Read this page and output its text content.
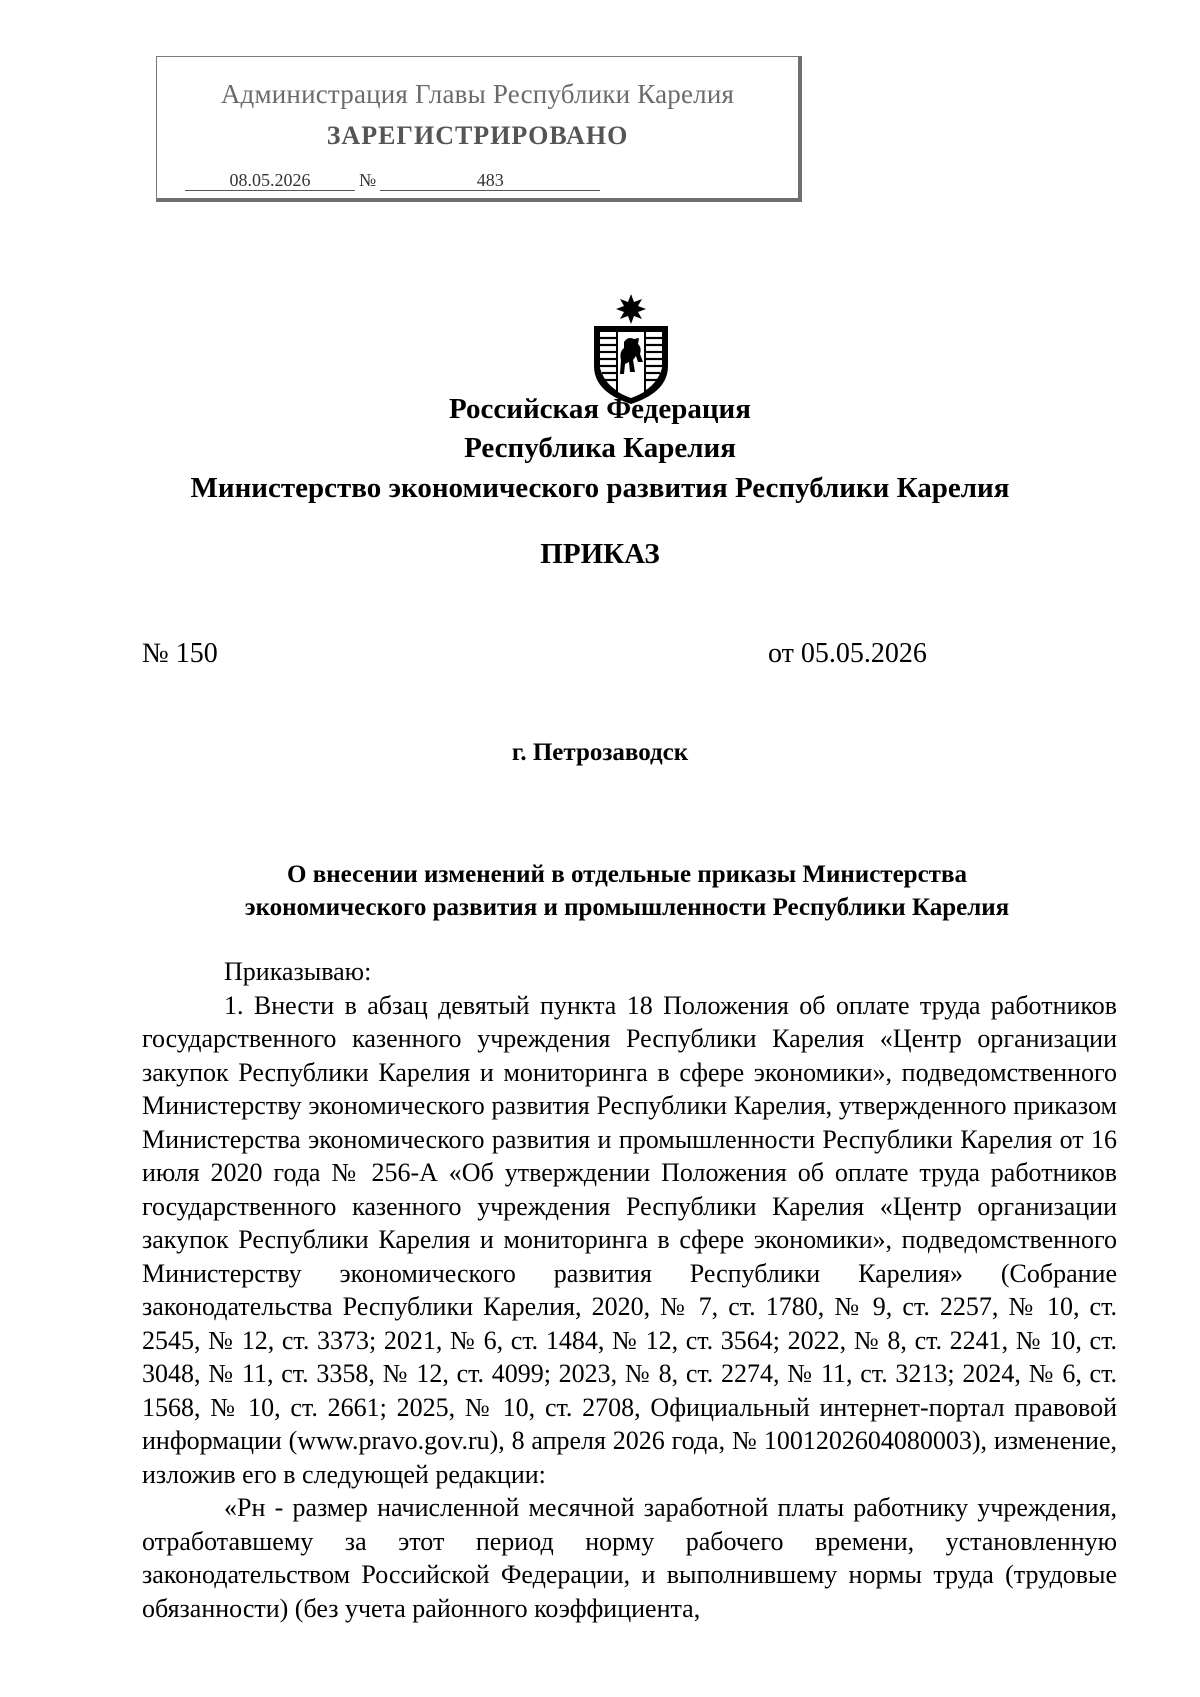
Администрация Главы Республики Карелия
ЗАРЕГИСТРИРОВАНО
08.05.2026	№	483
Российская Федерация
Республика Карелия
Министерство экономического развития Республики Карелия
ПРИКАЗ
№ 150	от 05.05.2026
г. Петрозаводск
О внесении изменений в отдельные приказы Министерства
экономического развития и промышленности Республики Карелия

Приказываю:

1. Внести в абзац девятый пункта 18 Положения об оплате труда работников государственного казенного учреждения Республики Карелия «Центр организации закупок Республики Карелия и мониторинга в сфере экономики», подведомственного Министерству экономического развития Республики Карелия, утвержденного приказом Министерства экономического развития и промышленности Республики Карелия от 16 июля 2020 года № 256-А «Об утверждении Положения об оплате труда работников государственного казенного учреждения Республики Карелия «Центр организации закупок Республики Карелия и мониторинга в сфере экономики», подведомственного Министерству экономического развития Республики Карелия» (Собрание законодательства Республики Карелия, 2020, № 7, ст. 1780, № 9, ст. 2257, № 10, ст. 2545, № 12, ст. 3373; 2021, № 6, ст. 1484, № 12, ст. 3564; 2022, № 8, ст. 2241, № 10, ст. 3048, № 11, ст. 3358, № 12, ст. 4099; 2023, № 8, ст. 2274, № 11, ст. 3213; 2024, № 6, ст. 1568, № 10, ст. 2661; 2025, № 10, ст. 2708, Официальный интернет-портал правовой информации (www.pravo.gov.ru), 8 апреля 2026 года, № 1001202604080003), изменение, изложив его в следующей редакции:

«Рн - размер начисленной месячной заработной платы работнику учреждения, отработавшему за этот период норму рабочего времени, установленную законодательством Российской Федерации, и выполнившему нормы труда (трудовые обязанности) (без учета районного коэффициента,
